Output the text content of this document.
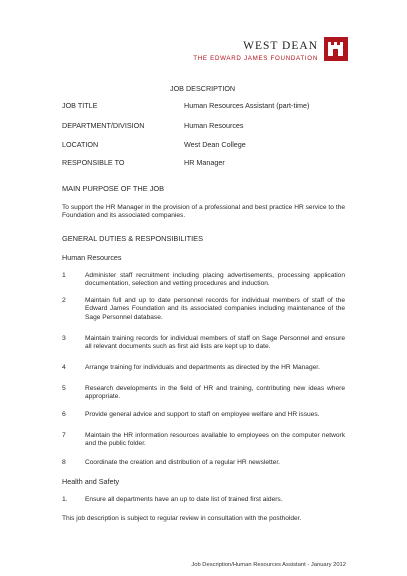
WEST DEAN
THE EDWARD JAMES FOUNDATION
JOB DESCRIPTION
JOB TITLE	Human Resources Assistant (part-time)
DEPARTMENT/DIVISION	Human Resources
LOCATION	West Dean College
RESPONSIBLE TO	HR Manager
MAIN PURPOSE OF THE JOB
To support the HR Manager in the provision of a professional and best practice HR service to the Foundation and its associated companies.
GENERAL DUTIES & RESPONSIBILITIES
Human Resources
1	Administer staff recruitment including placing advertisements, processing application documentation, selection and vetting procedures and induction.
2	Maintain full and up to date personnel records for individual members of staff of the Edward James Foundation and its associated companies including maintenance of the Sage Personnel database.
3	Maintain training records for individual members of staff on Sage Personnel and ensure all relevant documents such as first aid lists are kept up to date.
4	Arrange training for individuals and departments as directed by the HR Manager.
5	Research developments in the field of HR and training, contributing new ideas where appropriate.
6	Provide general advice and support to staff on employee welfare and HR issues.
7	Maintain the HR information resources available to employees on the computer network and the public folder.
8	Coordinate the creation and distribution of a regular HR newsletter.
Health and Safety
1.	Ensure all departments have an up to date list of trained first aiders.
This job description is subject to regular review in consultation with the postholder.
Job Description/Human Resources Assistant - January 2012
